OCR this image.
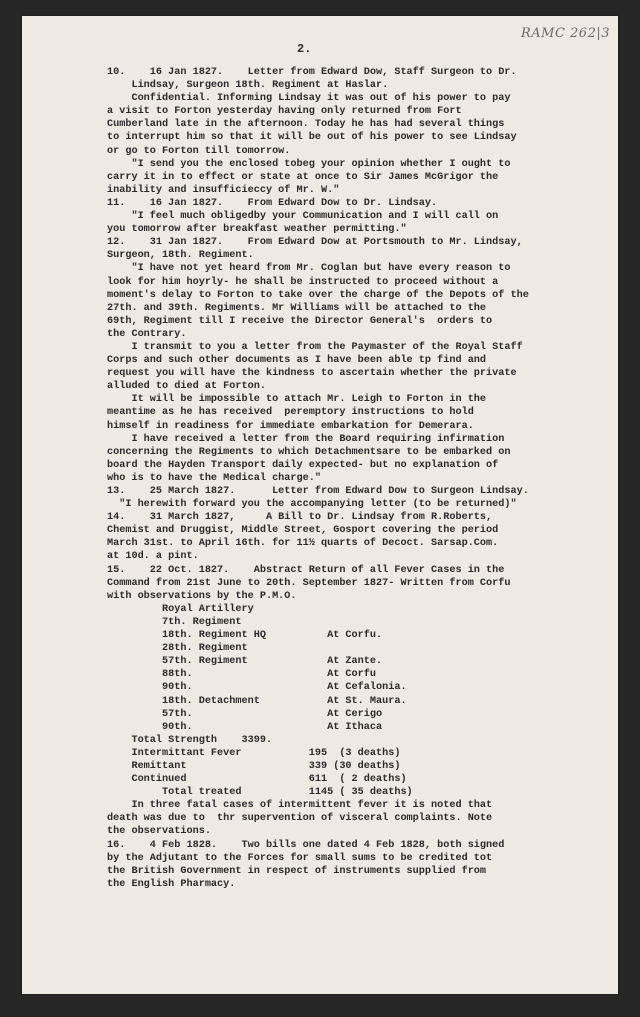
RAMC 262|3
2.
10.    16 Jan 1827.    Letter from Edward Dow, Staff Surgeon to Dr.
Lindsay, Surgeon 18th. Regiment at Haslar.
Confidential. Informing Lindsay it was out of his power to pay
a visit to Forton yesterday having only returned from Fort
Cumberland late in the afternoon. Today he has had several things
to interrupt him so that it will be out of his power to see Lindsay
or go to Forton till tomorrow.
"I send you the enclosed tobeg your opinion whether I ought to
carry it in to effect or state at once to Sir James McGrigor the
inability and insufficieccy of Mr. W."
11.    16 Jan 1827.    From Edward Dow to Dr. Lindsay.
"I feel much obligedby your Communication and I will call on
you tomorrow after breakfast weather permitting."
12.    31 Jan 1827.    From Edward Dow at Portsmouth to Mr. Lindsay,
Surgeon, 18th. Regiment.
"I have not yet heard from Mr. Coglan but have every reason to
look for him hoyrly- he shall be instructed to proceed without a
moment's delay to Forton to take over the charge of the Depots of the
27th. and 39th. Regiments. Mr Williams will be attached to the
69th, Regiment till I receive the Director General's  orders to
the Contrary.
I transmit to you a letter from the Paymaster of the Royal Staff
Corps and such other documents as I have been able tp find and
request you will have the kindness to ascertain whether the private
alluded to died at Forton.
It will be impossible to attach Mr. Leigh to Forton in the
meantime as he has received  peremptory instructions to hold
himself in readiness for immediate embarkation for Demerara.
I have received a letter from the Board requiring infirmation
concerning the Regiments to which Detachmentsare to be embarked on
board the Hayden Transport daily expected- but no explanation of
who is to have the Medical charge."
13.    25 March 1827.      Letter from Edward Dow to Surgeon Lindsay.
"I herewith forward you the accompanying letter (to be returned)"
14.    31 March 1827,     A Bill to Dr. Lindsay from R.Roberts,
Chemist and Druggist, Middle Street, Gosport covering the period
March 31st. to April 16th. for 11½ quarts of Decoct. Sarsap.Com.
at 10d. a pint.
15.    22 Oct. 1827.    Abstract Return of all Fever Cases in the
Command from 21st June to 20th. September 1827- Written from Corfu
with observations by the P.M.O.
Royal Artillery
7th. Regiment
18th. Regiment HQ          At Corfu.
28th. Regiment
57th. Regiment             At Zante.
88th.                      At Corfu
90th.                      At Cefalonia.
18th. Detachment           At St. Maura.
57th.                      At Cerigo
90th.                      At Ithaca
Total Strength    3399.
Intermittant Fever           195  (3 deaths)
Remittant                    339 (30 deaths)
Continued                    611  ( 2 deaths)
Total treated           1145 ( 35 deaths)
In three fatal cases of intermittent fever it is noted that
death was due to  thr supervention of visceral complaints. Note
the observations.
16.    4 Feb 1828.    Two bills one dated 4 Feb 1828, both signed
by the Adjutant to the Forces for small sums to be credited tot
the British Government in respect of instruments supplied from
the English Pharmacy.
